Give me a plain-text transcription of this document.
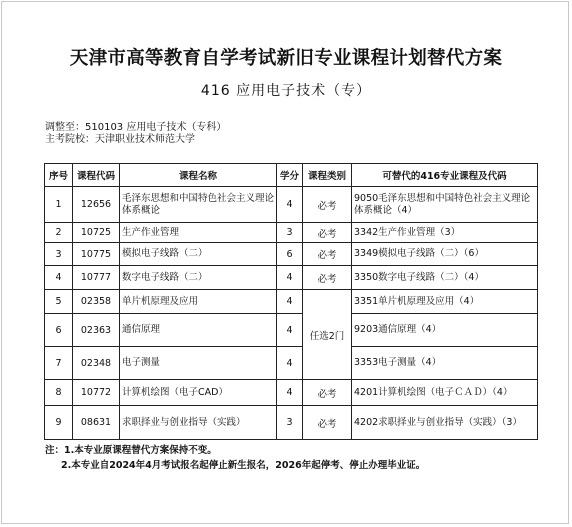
天津市高等教育自学考试新旧专业课程计划替代方案
416 应用电子技术（专）
调整至：510103 应用电子技术（专科）
主考院校：天津职业技术师范大学
序号	课程代码	课程名称	学分	课程类别	可替代的416专业课程及代码
1	12656	毛泽东思想和中国特色社会主义理论体系概论	4	必考	9050毛泽东思想和中国特色社会主义理论体系概论（4）
2	10725	生产作业管理	3	必考	3342生产作业管理（3）
3	10775	模拟电子线路（二）	6	必考	3349模拟电子线路（二）（6）
4	10777	数字电子线路（二）	4	必考	3350数字电子线路（二）（4）
5	02358	单片机原理及应用	4	任选2门	3351单片机原理及应用（4）
6	02363	通信原理	4		9203通信原理（4）
7	02348	电子测量	4		3353电子测量（4）
8	10772	计算机绘图（电子CAD）	4	必考	4201计算机绘图（电子ＣＡＤ）（4）
9	08631	求职择业与创业指导（实践）	3	必考	4202求职择业与创业指导（实践）（3）
注：1.本专业原课程替代方案保持不变。
2.本专业自2024年4月考试报名起停止新生报名，2026年起停考、停止办理毕业证。
